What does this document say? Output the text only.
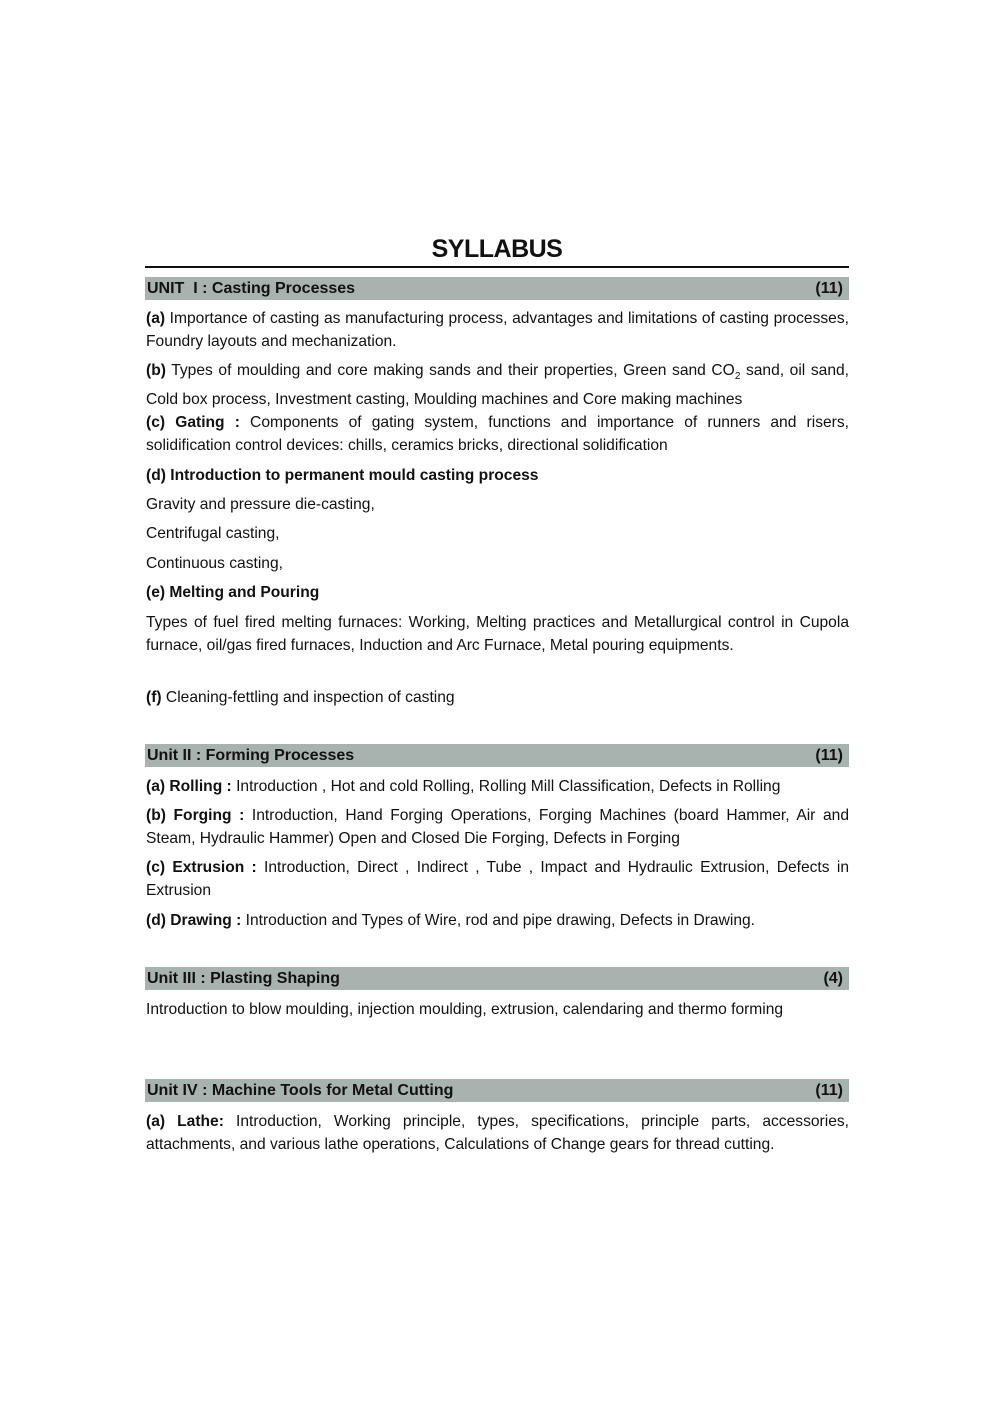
SYLLABUS
UNIT  I : Casting Processes	(11)

(a) Importance of casting as manufacturing process, advantages and limitations of casting processes, Foundry layouts and mechanization.

(b) Types of moulding and core making sands and their properties, Green sand $CO_2$ sand, oil sand, Cold box process, Investment casting, Moulding machines and Core making machines

(c) Gating : Components of gating system, functions and importance of runners and risers, solidification control devices: chills, ceramics bricks, directional solidification

(d) Introduction to permanent mould casting process

Gravity and pressure die-casting,

Centrifugal casting,

Continuous casting,

(e) Melting and Pouring

Types of fuel fired melting furnaces: Working, Melting practices and Metallurgical control in Cupola furnace, oil/gas fired furnaces, Induction and Arc Furnace, Metal pouring equipments.

(f) Cleaning-fettling and inspection of casting

Unit II : Forming Processes	(11)

(a) Rolling : Introduction , Hot and cold Rolling, Rolling Mill Classification, Defects in Rolling

(b) Forging : Introduction, Hand Forging Operations, Forging Machines (board Hammer, Air and Steam, Hydraulic Hammer) Open and Closed Die Forging, Defects in Forging

(c) Extrusion : Introduction, Direct , Indirect , Tube , Impact and Hydraulic Extrusion, Defects in Extrusion

(d) Drawing : Introduction and Types of Wire, rod and pipe drawing, Defects in Drawing.

Unit III : Plasting Shaping	(4)

Introduction to blow moulding, injection moulding, extrusion, calendaring and thermo forming

Unit IV : Machine Tools for Metal Cutting	(11)

(a) Lathe: Introduction, Working principle, types, specifications, principle parts, accessories, attachments, and various lathe operations, Calculations of Change gears for thread cutting.
